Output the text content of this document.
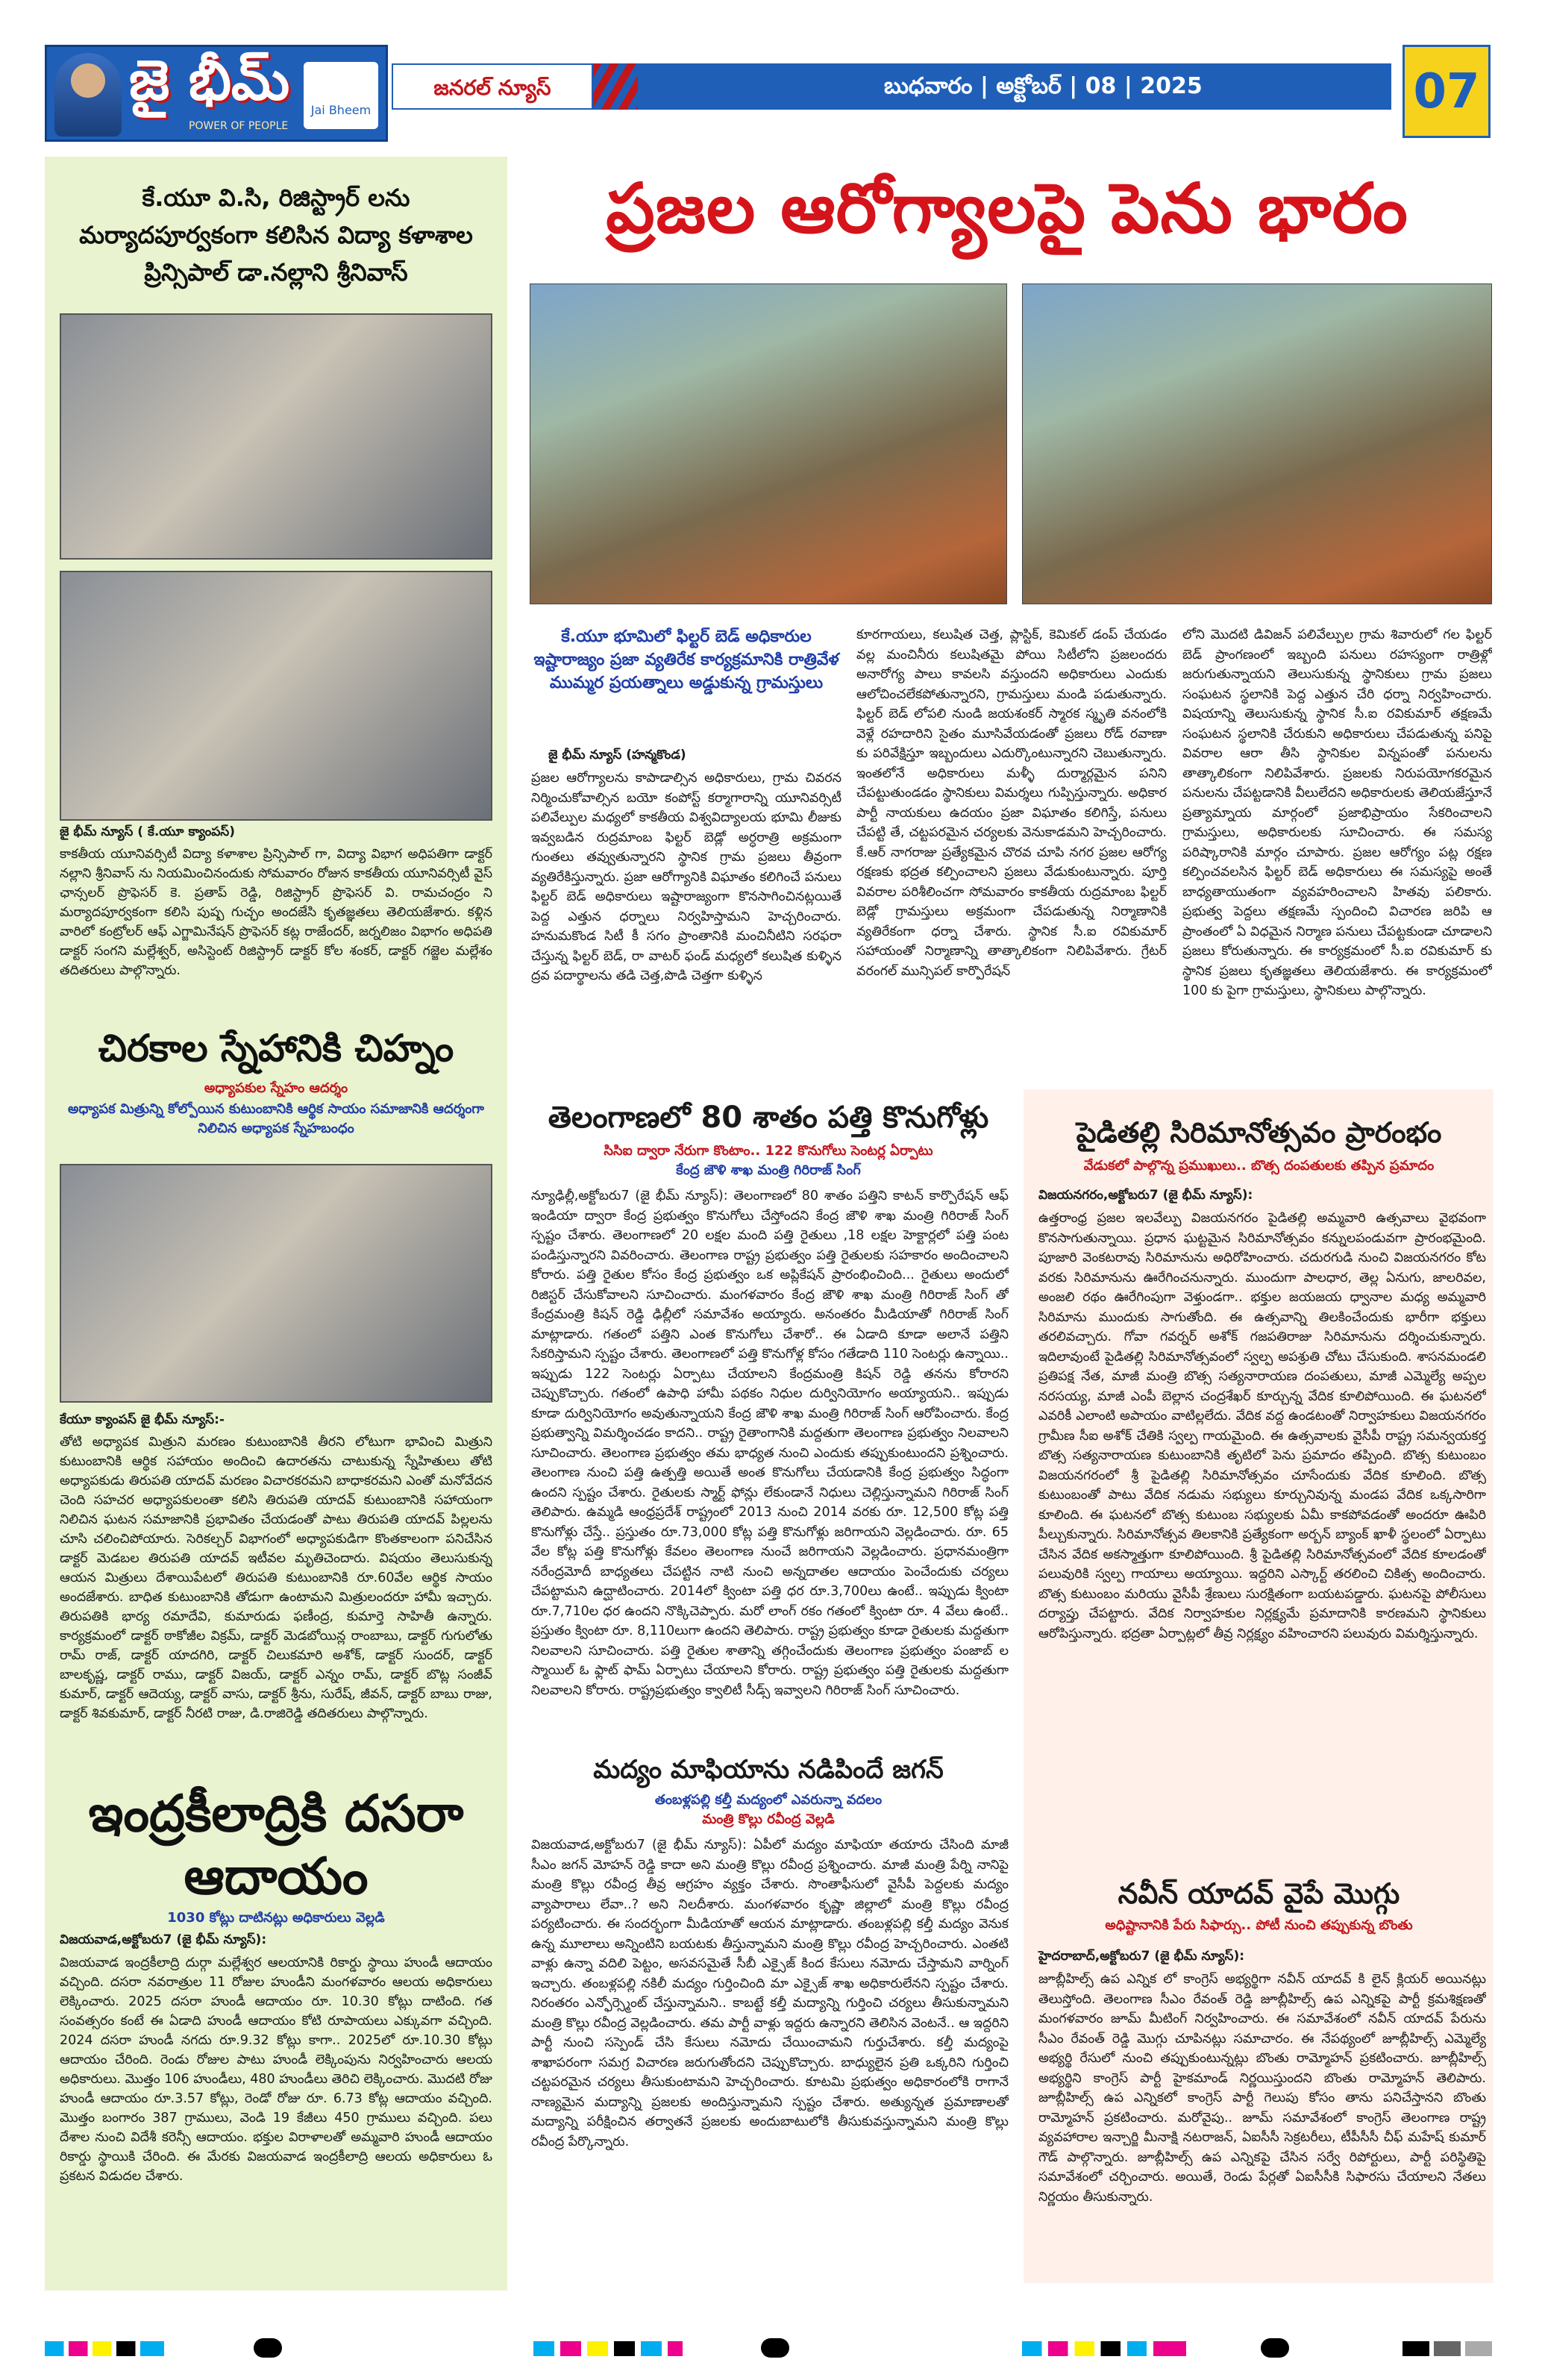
జై భీమ్
POWER OF PEOPLE
Jai Bheem
జనరల్ న్యూస్	బుధవారం | అక్టోబర్ | 08 | 2025	07
కే.యూ వి.సి, రిజిస్ట్రార్ లను మర్యాదపూర్వకంగా కలిసిన విద్యా కళాశాల ప్రిన్సిపాల్ డా.నల్లాని శ్రీనివాస్
జై భీమ్ న్యూస్ ( కే.యూ క్యాంపస్)
కాకతీయ యూనివర్సిటీ విద్యా కళాశాల ప్రిన్సిపాల్ గా, విద్యా విభాగ అధిపతిగా డాక్టర్ నల్లాని శ్రీనివాస్ ను నియమించినందుకు సోమవారం రోజున కాకతీయ యూనివర్సిటీ వైస్ ఛాన్సలర్ ప్రొఫెసర్ కె. ప్రతాప్ రెడ్డి, రిజిస్ట్రార్ ప్రొఫెసర్ వి. రామచంద్రం ని మర్యాదపూర్వకంగా కలిసి పుష్ప గుచ్ఛం అందజేసి కృతజ్ఞతలు తెలియజేశారు. కళ్లిన వారిలో కంట్రోలర్ ఆఫ్ ఎగ్జామినేషన్ ప్రొఫెసర్ కట్ల రాజేందర్, జర్నలిజం విభాగం అధిపతి డాక్టర్ సంగని మల్లేశ్వర్, అసిస్టెంట్ రిజిస్ట్రార్ డాక్టర్ కోల శంకర్, డాక్టర్ గజ్జెల మల్లేశం తదితరులు పాల్గొన్నారు.
చిరకాల స్నేహానికి చిహ్నం
అధ్యాపకుల స్నేహం ఆదర్శం
అధ్యాపక మిత్రున్ని కోల్పోయిన కుటుంబానికి ఆర్థిక సాయం సమాజానికి ఆదర్శంగా నిలిచిన అధ్యాపక స్నేహబంధం
కేయూ క్యాంపస్ జై భీమ్ న్యూస్:-
తోటి అధ్యాపక మిత్రుని మరణం కుటుంబానికి తీరని లోటుగా భావించి మిత్రుని కుటుంబానికి ఆర్థిక సహాయం అందించి ఉదారతను చాటుకున్న స్నేహితులు తోటి అధ్యాపకుడు తిరుపతి యాదవ్ మరణం విచారకరమని బాధాకరమని ఎంతో మనోవేదన చెంది సహచర అధ్యాపకులంతా కలిసి తిరుపతి యాదవ్ కుటుంబానికి సహాయంగా నిలిచిన ఘటన సమాజానికి ప్రభావితం చేయడంతో పాటు తిరుపతి యాదవ్ పిల్లలను చూసి చలించిపోయారు. సెరికల్చర్ విభాగంలో అధ్యాపకుడిగా కొంతకాలంగా పనిచేసిన డాక్టర్ మెడబల తిరుపతి యాదవ్ ఇటీవల మృతిచెందారు. విషయం తెలుసుకున్న ఆయన మిత్రులు దేశాయిపేటలో తిరుపతి కుటుంబానికి రూ.60వేల ఆర్థిక సాయం అందజేశారు. బాధిత కుటుంబానికి తోడుగా ఉంటామని మిత్రులందరూ హామీ ఇచ్చారు. తిరుపతికి భార్య రమాదేవి, కుమారుడు ఫణీంద్ర, కుమార్తె సాహితీ ఉన్నారు. కార్యక్రమంలో డాక్టర్ ఠాకోజీల విక్రమ్, డాక్టర్ మెడబోయిన్ల రాంబాబు, డాక్టర్ గుగులోతు రామ్ రాజ్, డాక్టర్ యాదగిరి, డాక్టర్ చిలుకమారి అశోక్, డాక్టర్ సుందర్, డాక్టర్ బాలకృష్ణ, డాక్టర్ రాము, డాక్టర్ విజయ్, డాక్టర్ ఎన్నం రామ్, డాక్టర్ బొట్ల సంజీవ్ కుమార్, డాక్టర్ ఆదెయ్య, డాక్టర్ వాసు, డాక్టర్ శ్రీను, సురేష్, జీవన్, డాక్టర్ బాబు రాజు, డాక్టర్ శివకుమార్, డాక్టర్ నీరటి రాజు, డి.రాజిరెడ్డి తదితరులు పాల్గొన్నారు.
ఇంద్రకీలాద్రికి దసరా ఆదాయం
1030 కోట్లు దాటినట్లు అధికారులు వెల్లడి
విజయవాడ,అక్టోబరు7 (జై భీమ్ న్యూస్):
విజయవాడ ఇంద్రకీలాద్రి దుర్గా మల్లేశ్వర ఆలయానికి రికార్డు స్థాయి హుండీ ఆదాయం వచ్చింది. దసరా నవరాత్రుల 11 రోజుల హుండీని మంగళవారం ఆలయ అధికారులు లెక్కించారు. 2025 దసరా హుండీ ఆదాయం రూ. 10.30 కోట్లు దాటింది. గత సంవత్సరం కంటే ఈ ఏడాది హుండీ ఆదాయం కోటి రూపాయలు ఎక్కువగా వచ్చింది. 2024 దసరా హుండీ నగదు రూ.9.32 కోట్లు కాగా.. 2025లో రూ.10.30 కోట్లు ఆదాయం చేరింది. రెండు రోజుల పాటు హుండీ లెక్కింపును నిర్వహించారు ఆలయ అధికారులు. మొత్తం 106 హుండీలు, 480 హుండీలు తెరిచి లెక్కించారు. మొదటి రోజు హుండీ ఆదాయం రూ.3.57 కోట్లు, రెండో రోజు రూ. 6.73 కోట్ల ఆదాయం వచ్చింది. మొత్తం బంగారం 387 గ్రాములు, వెండి 19 కేజీలు 450 గ్రాములు వచ్చింది. పలు దేశాల నుంచి విదేశీ కరెన్సీ ఆదాయం. భక్తుల విరాళాలతో అమ్మవారి హుండీ ఆదాయం రికార్డు స్థాయికి చేరింది. ఈ మేరకు విజయవాడ ఇంద్రకీలాద్రి ఆలయ అధికారులు ఓ ప్రకటన విడుదల చేశారు.
ప్రజల ఆరోగ్యాలపై పెను భారం
కే.యూ భూమిలో ఫిల్టర్ బెడ్ అధికారుల ఇష్టారాజ్యం ప్రజా వ్యతిరేక కార్యక్రమానికి రాత్రివేళ ముమ్మర ప్రయత్నాలు అడ్డుకున్న గ్రామస్తులు
జై భీమ్ న్యూస్ (హన్మకొండ)
ప్రజల ఆరోగ్యాలను కాపాడాల్సిన అధికారులు, గ్రామ చివరన నిర్మించుకోవాల్సిన బయో కంపోస్ట్ కర్మాగారాన్ని యూనివర్సిటీ పలివేల్పుల మధ్యలో కాకతీయ విశ్వవిద్యాలయ భూమి లీజుకు ఇవ్వబడిన రుద్రమాంబ ఫిల్టర్ బెడ్లో అర్ధరాత్రి అక్రమంగా గుంతలు తవ్వుతున్నారని స్థానిక గ్రామ ప్రజలు తీవ్రంగా వ్యతిరేకిస్తున్నారు. ప్రజా ఆరోగ్యానికి విఘాతం కలిగించే పనులు ఫిల్టర్ బెడ్ అధికారులు ఇష్టారాజ్యంగా కొనసాగించినట్లయితే పెద్ద ఎత్తున ధర్నాలు నిర్వహిస్తామని హెచ్చరించారు. హనుమకొండ సిటీ కీ సగం ప్రాంతానికి మంచినీటిని సరఫరా చేస్తున్న ఫిల్టర్ బెడ్, రా వాటర్ ఫండ్ మధ్యలో కలుషిత కుళ్ళిన ద్రవ పదార్థాలను తడి చెత్త,పొడి చెత్తగా కుళ్ళిన
కూరగాయలు, కలుషిత చెత్త, ప్లాస్టిక్, కెమికల్ డంప్ చేయడం వల్ల మంచినీరు కలుషితమై పోయి సిటీలోని ప్రజలందరు అనారోగ్య పాలు కావలసి వస్తుందని అధికారులు ఎందుకు ఆలోచించలేకపోతున్నారని, గ్రామస్తులు మండి పడుతున్నారు. ఫిల్టర్ బెడ్ లోపలి నుండి జయశంకర్ స్మారక స్మృతి వనంలోకి వెళ్లే రహదారిని సైతం మూసివేయడంతో ప్రజలు రోడ్ రవాణా కు పరివేక్షిస్తూ ఇబ్బందులు ఎదుర్కొంటున్నారని చెబుతున్నారు. ఇంతలోనే అధికారులు మళ్ళీ దుర్మార్గమైన పనిని చేపట్టుతుండడం స్థానికులు విమర్శలు గుప్పిస్తున్నారు. అధికార పార్టీ నాయకులు ఉదయం ప్రజా విఘాతం కలిగిస్తే, పనులు చేపట్టి తే, చట్టపరమైన చర్యలకు వెనుకాడమని హెచ్చరించారు. కే.ఆర్ నాగరాజు ప్రత్యేకమైన చొరవ చూపి నగర ప్రజల ఆరోగ్య రక్షణకు భద్రత కల్పించాలని ప్రజలు వేడుకుంటున్నారు. పూర్తి వివరాల పరిశీలించగా సోమవారం కాకతీయ రుద్రమాంబ ఫిల్టర్ బెడ్లో గ్రామస్తులు అక్రమంగా చేపడుతున్న నిర్మాణానికి వ్యతిరేకంగా ధర్నా చేశారు. స్థానిక సీ.ఐ రవికుమార్ సహాయంతో నిర్మాణాన్ని తాత్కాలికంగా నిలిపివేశారు. గ్రేటర్ వరంగల్ మున్సిపల్ కార్పొరేషన్
లోని మొదటి డివిజన్ పలివేల్పుల గ్రామ శివారులో గల ఫిల్టర్ బెడ్ ప్రాంగణంలో ఇబ్బంది పనులు రహస్యంగా రాత్రిళ్లో జరుగుతున్నాయని తెలుసుకున్న స్థానికులు గ్రామ ప్రజలు సంఘటన స్థలానికి పెద్ద ఎత్తున చేరి ధర్నా నిర్వహించారు. విషయాన్ని తెలుసుకున్న స్థానిక సీ.ఐ రవికుమార్ తక్షణమే సంఘటన స్థలానికి చేరుకుని అధికారులు చేపడుతున్న పనిపై వివరాల ఆరా తీసి స్థానికుల విన్నపంతో పనులను తాత్కాలికంగా నిలిపివేశారు. ప్రజలకు నిరుపయోగకరమైన పనులను చేపట్టడానికి వీలులేదని అధికారులకు తెలియజేస్తూనే ప్రత్యామ్నాయ మార్గంలో ప్రజాభిప్రాయం సేకరించాలని గ్రామస్తులు, అధికారులకు సూచించారు. ఈ సమస్య పరిష్కారానికి మార్గం చూపారు. ప్రజల ఆరోగ్యం పట్ల రక్షణ కల్పించవలసిన ఫిల్టర్ బెడ్ అధికారులు ఈ సమస్యపై అంతే బాధ్యతాయుతంగా వ్యవహరించాలని హితవు పలికారు. ప్రభుత్వ పెద్దలు తక్షణమే స్పందించి విచారణ జరిపి ఆ ప్రాంతంలో ఏ విధమైన నిర్మాణ పనులు చేపట్టకుండా చూడాలని ప్రజలు కోరుతున్నారు. ఈ కార్యక్రమంలో సీ.ఐ రవికుమార్ కు స్థానిక ప్రజలు కృతజ్ఞతలు తెలియజేశారు. ఈ కార్యక్రమంలో 100 కు పైగా గ్రామస్తులు, స్థానికులు పాల్గొన్నారు.
తెలంగాణలో 80 శాతం పత్తి కొనుగోళ్లు
సిసిఐ ద్వారా నేరుగా కొంటాం.. 122 కొనుగోలు సెంటర్ల ఏర్పాటు
కేంద్ర జౌళి శాఖ మంత్రి గిరిరాజ్ సింగ్
న్యూఢిల్లీ,అక్టోబరు7 (జై భీమ్ న్యూస్): తెలంగాణలో 80 శాతం పత్తిని కాటన్ కార్పొరేషన్ ఆఫ్ ఇండియా ద్వారా కేంద్ర ప్రభుత్వం కొనుగోలు చేస్తోందని కేంద్ర జౌళి శాఖ మంత్రి గిరిరాజ్ సింగ్ స్పష్టం చేశారు. తెలంగాణలో 20 లక్షల మంది పత్తి రైతులు ,18 లక్షల హెక్టార్లలో పత్తి పంట పండిస్తున్నారని వివరించారు. తెలంగాణ రాష్ట్ర ప్రభుత్వం పత్తి రైతులకు సహకారం అందించాలని కోరారు. పత్తి రైతుల కోసం కేంద్ర ప్రభుత్వం ఒక అప్లికేషన్ ప్రారంభించింది... రైతులు అందులో రిజిస్టర్ చేసుకోవాలని సూచించారు. మంగళవారం కేంద్ర జౌళి శాఖ మంత్రి గిరిరాజ్ సింగ్ తో కేంద్రమంత్రి కిషన్ రెడ్డి ఢిల్లీలో సమావేశం అయ్యారు. అనంతరం మీడియాతో గిరిరాజ్ సింగ్ మాట్లాడారు. గతంలో పత్తిని ఎంత కొనుగోలు చేశారో.. ఈ ఏడాది కూడా అలానే పత్తిని సేకరిస్తామని స్పష్టం చేశారు. తెలంగాణలో పత్తి కొనుగోళ్ల కోసం గతేడాది 110 సెంటర్లు ఉన్నాయి.. ఇప్పుడు 122 సెంటర్లు ఏర్పాటు చేయాలని కేంద్రమంత్రి కిషన్ రెడ్డి తనను కోరారని చెప్పుకొచ్చారు. గతంలో ఉపాధి హామీ పథకం నిధుల దుర్వినియోగం అయ్యాయని.. ఇప్పుడు కూడా దుర్వినియోగం అవుతున్నాయని కేంద్ర జౌళి శాఖ మంత్రి గిరిరాజ్ సింగ్ ఆరోపించారు. కేంద్ర ప్రభుత్వాన్ని విమర్శించడం కాదని.. రాష్ట్ర రైతాంగానికి మద్దతుగా తెలంగాణ ప్రభుత్వం నిలవాలని సూచించారు. తెలంగాణ ప్రభుత్వం తమ భాధ్యత నుంచి ఎందుకు తప్పుకుంటుందని ప్రశ్నించారు. తెలంగాణ నుంచి పత్తి ఉత్పత్తి అయితే అంత కొనుగోలు చేయడానికి కేంద్ర ప్రభుత్వం సిద్ధంగా ఉందని స్పష్టం చేశారు. రైతులకు స్మార్ట్ ఫోన్లు లేకుండానే నిధులు చెల్లిస్తున్నామని గిరిరాజ్ సింగ్ తెలిపారు. ఉమ్మడి ఆంధ్రప్రదేశ్ రాష్ట్రంలో 2013 నుంచి 2014 వరకు రూ. 12,500 కోట్ల పత్తి కొనుగోళ్లు చేస్తే.. ప్రస్తుతం రూ.73,000 కోట్ల పత్తి కొనుగోళ్లు జరిగాయని వెల్లడించారు. రూ. 65 వేల కోట్ల పత్తి కొనుగోళ్లు కేవలం తెలంగాణ నుంచే జరిగాయని వెల్లడించారు. ప్రధానమంత్రిగా నరేంద్రమోదీ బాధ్యతలు చేపట్టిన నాటి నుంచి అన్నదాతల ఆదాయం పెంచేందుకు చర్యలు చేపట్టామని ఉద్ఘాటించారు. 2014లో క్వింటా పత్తి ధర రూ.3,700లు ఉంటే.. ఇప్పుడు క్వింటా రూ.7,710ల ధర ఉందని నొక్కిచెప్పారు. మరో లాంగ్ రకం గతంలో క్వింటా రూ. 4 వేలు ఉంటే.. ప్రస్తుతం క్వింటా రూ. 8,110లుగా ఉందని తెలిపారు. రాష్ట్ర ప్రభుత్వం కూడా రైతులకు మద్దతుగా నిలవాలని సూచించారు. పత్తి రైతుల శాతాన్ని తగ్గించేందుకు తెలంగాణ ప్రభుత్వం పంజాబ్ ల స్మాయిల్ ఓ ఫ్లాట్ ఫామ్ ఏర్పాటు చేయాలని కోరారు. రాష్ట్ర ప్రభుత్వం పత్తి రైతులకు మద్దతుగా నిలవాలని కోరారు. రాష్ట్రప్రభుత్వం క్వాలిటీ సీడ్స్ ఇవ్వాలని గిరిరాజ్ సింగ్ సూచించారు.
మద్యం మాఫియాను నడిపిందే జగన్
తంబళ్లపల్లి కల్తీ మద్యంలో ఎవరున్నా వదలం
మంత్రి కొల్లు రవీంద్ర వెల్లడి
విజయవాడ,అక్టోబరు7 (జై భీమ్ న్యూస్): ఏపీలో మద్యం మాఫియా తయారు చేసింది మాజీ సీఎం జగన్ మోహన్ రెడ్డి కాదా అని మంత్రి కొల్లు రవీంద్ర ప్రశ్నించారు. మాజీ మంత్రి పేర్ని నానిపై మంత్రి కొల్లు రవీంద్ర తీవ్ర ఆగ్రహం వ్యక్తం చేశారు. సొంతాఫీసులో వైసీపీ పెద్దలకు మద్యం వ్యాపారాలు లేవా..? అని నిలదీశారు. మంగళవారం కృష్ణా జిల్లాలో మంత్రి కొల్లు రవీంద్ర పర్యటించారు. ఈ సందర్భంగా మీడియాతో ఆయన మాట్లాడారు. తంబళ్లపల్లి కల్తీ మద్యం వెనుక ఉన్న మూలాలు అన్నింటిని బయటకు తీస్తున్నామని మంత్రి కొల్లు రవీంద్ర హెచ్చరించారు. ఎంతటి వాళ్లు ఉన్నా వదిలి పెట్టం, అసవసమైతే సీబీ ఎక్సైజ్ కింద కేసులు నమోదు చేస్తామని వార్నింగ్ ఇచ్చారు. తంబళ్లపల్లి నకిలీ మద్యం గుర్తించింది మా ఎక్సైజ్ శాఖ అధికారులేనని స్పష్టం చేశారు. నిరంతరం ఎన్ఫోర్స్మెంట్ చేస్తున్నామని.. కాబట్టే కల్తీ మద్యాన్ని గుర్తించి చర్యలు తీసుకున్నామని మంత్రి కొల్లు రవీంద్ర వెల్లడించారు. తమ పార్టీ వాళ్లు ఇద్దరు ఉన్నారని తెలిసిన వెంటనే.. ఆ ఇద్దరిని పార్టీ నుంచి సస్పెండ్ చేసి కేసులు నమోదు చేయించామని గుర్తుచేశారు. కల్తీ మద్యంపై శాఖాపరంగా సమగ్ర విచారణ జరుగుతోందని చెప్పుకొచ్చారు. బాధ్యులైన ప్రతి ఒక్కరిని గుర్తించి చట్టపరమైన చర్యలు తీసుకుంటామని హెచ్చరించారు. కూటమి ప్రభుత్వం అధికారంలోకి రాగానే నాణ్యమైన మద్యాన్ని ప్రజలకు అందిస్తున్నామని స్పష్టం చేశారు. అత్యున్నత ప్రమాణాలతో మద్యాన్ని పరీక్షించిన తర్వాతనే ప్రజలకు అందుబాటులోకి తీసుకువస్తున్నామని మంత్రి కొల్లు రవీంద్ర పేర్కొన్నారు.
పైడితల్లి సిరిమానోత్సవం ప్రారంభం
వేడుకలో పాల్గొన్న ప్రముఖులు.. బొత్స దంపతులకు తప్పిన ప్రమాదం
విజయనగరం,అక్టోబరు7 (జై భీమ్ న్యూస్):
ఉత్తరాంధ్ర ప్రజల ఇలవేల్పు విజయనగరం పైడితల్లి అమ్మవారి ఉత్సవాలు వైభవంగా కొనసాగుతున్నాయి. ప్రధాన ఘట్టమైన సిరిమానోత్సవం కన్నులపండువగా ప్రారంభమైంది. పూజారి వెంకటరావు సిరిమానును అధిరోహించారు. చదురగుడి నుంచి విజయనగరం కోట వరకు సిరిమానును ఊరేగించనున్నారు. ముందుగా పాలధార, తెల్ల ఏనుగు, జాలరివల, అంజలి రథం ఊరేగింపుగా వెళ్తుండగా.. భక్తుల జయజయ ధ్వానాల మధ్య అమ్మవారి సిరిమాను ముందుకు సాగుతోంది. ఈ ఉత్సవాన్ని తిలకించేందుకు భారీగా భక్తులు తరలివచ్చారు. గోవా గవర్నర్ అశోక్ గజపతిరాజు సిరిమానును దర్శించుకున్నారు. ఇదిలావుంటే పైడితల్లి సిరిమానోత్సవంలో స్వల్ప అపశ్రుతి చోటు చేసుకుంది. శాసనమండలి ప్రతిపక్ష నేత, మాజీ మంత్రి బొత్స సత్యనారాయణ దంపతులు, మాజీ ఎమ్మెల్యే అప్పల నరసయ్య, మాజీ ఎంపీ బెల్లాన చంద్రశేఖర్ కూర్చున్న వేదిక కూలిపోయింది. ఈ ఘటనలో ఎవరికీ ఎలాంటి అపాయం వాటిల్లలేదు. వేదిక వద్ద ఉండటంతో నిర్వాహకులు విజయనగరం గ్రామీణ సీఐ అశోక్ చేతికి స్వల్ప గాయమైంది. ఈ ఉత్సవాలకు వైసీపీ రాష్ట్ర సమన్వయకర్త బొత్స సత్యనారాయణ కుటుంబానికి తృటిలో పెను ప్రమాదం తప్పింది. బొత్స కుటుంబం విజయనగరంలో శ్రీ పైడితల్లి సిరిమానోత్సవం చూసేందుకు వేదిక కూలింది. బొత్స కుటుంబంతో పాటు వేదిక నడుమ సభ్యులు కూర్చునివున్న మండప వేదిక ఒక్కసారిగా కూలింది. ఈ ఘటనలో బొత్స కుటుంబ సభ్యులకు ఏమీ కాకపోవడంతో అందరూ ఊపిరి పీల్చుకున్నారు. సిరిమానోత్సవ తిలకానికి ప్రత్యేకంగా అర్బన్ బ్యాంక్ ఖాళీ స్థలంలో ఏర్పాటు చేసిన వేదిక అకస్మాత్తుగా కూలిపోయింది. శ్రీ పైడితల్లి సిరిమానోత్సవంలో వేదిక కూలడంతో పలువురికి స్వల్ప గాయాలు అయ్యాయి. ఇద్దరిని ఎస్కార్ట్ తరలించి చికిత్స అందించారు. బొత్స కుటుంబం మరియు వైసీపీ శ్రేణులు సురక్షితంగా బయటపడ్డారు. ఘటనపై పోలీసులు దర్యాప్తు చేపట్టారు. వేదిక నిర్వాహకుల నిర్లక్ష్యమే ప్రమాదానికి కారణమని స్థానికులు ఆరోపిస్తున్నారు. భద్రతా ఏర్పాట్లలో తీవ్ర నిర్లక్ష్యం వహించారని పలువురు విమర్శిస్తున్నారు.
నవీన్ యాదవ్ వైపే మొగ్గు
అధిష్టానానికి పేరు సిఫార్సు.. పోటీ నుంచి తప్పుకున్న బొంతు
హైదరాబాద్,అక్టోబరు7 (జై భీమ్ న్యూస్):
జూబ్లీహిల్స్ ఉప ఎన్నిక లో కాంగ్రెస్ అభ్యర్థిగా నవీన్ యాదవ్ కి లైన్ క్లియర్ అయినట్లు తెలుస్తోంది. తెలంగాణ సీఎం రేవంత్ రెడ్డి జూబ్లీహిల్స్ ఉప ఎన్నికపై పార్టీ క్రమశిక్షణతో మంగళవారం జూమ్ మీటింగ్ నిర్వహించారు. ఈ సమావేశంలో నవీన్ యాదవ్ పేరును సీఎం రేవంత్ రెడ్డి మొగ్గు చూపినట్లు సమాచారం. ఈ నేపథ్యంలో జూబ్లీహిల్స్ ఎమ్మెల్యే అభ్యర్థి రేసులో నుంచి తప్పుకుంటున్నట్లు బొంతు రామ్మోహన్ ప్రకటించారు. జూబ్లీహిల్స్ అభ్యర్థిని కాంగ్రెస్ పార్టీ హైకమాండ్ నిర్ణయిస్తుందని బొంతు రామ్మోహన్ తెలిపారు. జూబ్లీహిల్స్ ఉప ఎన్నికలో కాంగ్రెస్ పార్టీ గెలుపు కోసం తాను పనిచేస్తానని బొంతు రామ్మోహన్ ప్రకటించారు. మరోవైపు.. జూమ్ సమావేశంలో కాంగ్రెస్ తెలంగాణ రాష్ట్ర వ్యవహారాల ఇన్చార్జి మీనాక్షి నటరాజన్, ఏఐసీసీ సెక్రటరీలు, టీపీసీసీ చీఫ్ మహేష్ కుమార్ గౌడ్ పాల్గొన్నారు. జూబ్లీహిల్స్ ఉప ఎన్నికపై చేసిన సర్వే రిపోర్టులు, పార్టీ పరిస్థితిపై సమావేశంలో చర్చించారు. అయితే, రెండు పేర్లతో ఏఐసీసీకి సిఫారసు చేయాలని నేతలు నిర్ణయం తీసుకున్నారు.
